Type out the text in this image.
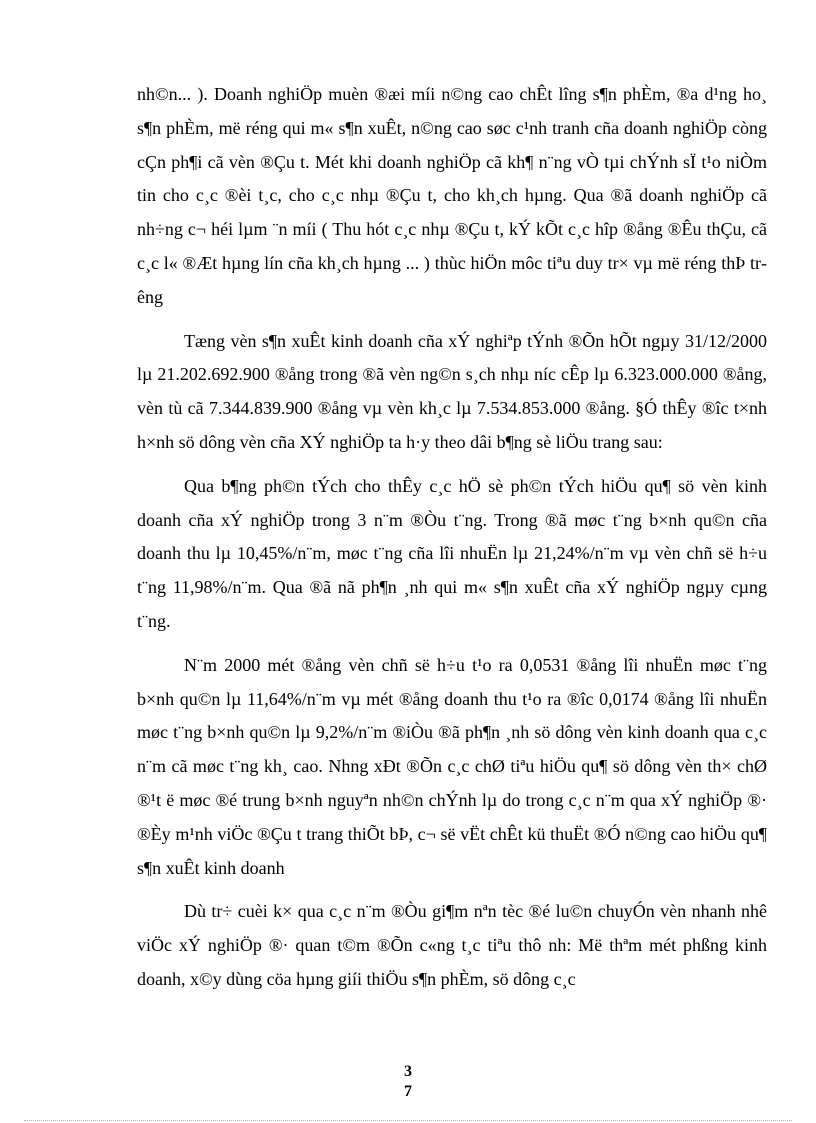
nh©n... ). Doanh nghiÖp muèn ®æi míi n©ng cao chÊt lîng s¶n phÈm, ®a d¹ng ho¸ s¶n phÈm, më réng qui m« s¶n xuÊt, n©ng cao søc c¹nh tranh cña doanh nghiÖp còng cÇn ph¶i cã vèn ®Çu t. Mét khi doanh nghiÖp cã kh¶ n¨ng vÒ tµi chÝnh sÏ t¹o niÒm tin cho c¸c ®èi t¸c, cho c¸c nhµ ®Çu t, cho kh¸ch hµng. Qua ®ã doanh nghiÖp cã nh÷ng c¬ héi lµm ¨n míi ( Thu hót c¸c nhµ ®Çu t, kÝ kÕt c¸c hîp ®ång ®Êu thÇu, cã c¸c l« ®Æt hµng lín cña kh¸ch hµng ... ) thùc hiÖn môc tiªu duy tr× vµ më réng thÞ trêng

Tæng vèn s¶n xuÊt kinh doanh cña xÝ nghiªp tÝnh ®Õn hÕt ngµy 31/12/2000 lµ 21.202.692.900 ®ång trong ®ã vèn ng©n s¸ch nhµ níc cÊp lµ 6.323.000.000 ®ång, vèn tù cã 7.344.839.900 ®ång vµ vèn kh¸c lµ 7.534.853.000 ®ång. §Ó thÊy ®îc t×nh h×nh sö dông vèn cña XÝ nghiÖp ta h·y theo dâi b¶ng sè liÖu trang sau:

Qua b¶ng ph©n tÝch cho thÊy c¸c hÖ sè ph©n tÝch hiÖu qu¶ sö vèn kinh doanh cña xÝ nghiÖp trong 3 n¨m ®Òu t¨ng. Trong ®ã møc t¨ng b×nh qu©n cña doanh thu lµ 10,45%/n¨m, møc t¨ng cña lîi nhuËn lµ 21,24%/n¨m vµ vèn chñ së h÷u t¨ng 11,98%/n¨m. Qua ®ã nã ph¶n ¸nh qui m« s¶n xuÊt cña xÝ nghiÖp ngµy cµng t¨ng.

N¨m 2000 mét ®ång vèn chñ së h÷u t¹o ra 0,0531 ®ång lîi nhuËn møc t¨ng b×nh qu©n lµ 11,64%/n¨m vµ mét ®ång doanh thu t¹o ra ®îc 0,0174 ®ång lîi nhuËn møc t¨ng b×nh qu©n lµ 9,2%/n¨m ®iÒu ®ã ph¶n ¸nh sö dông vèn kinh doanh qua c¸c n¨m cã møc t¨ng kh¸ cao. Nhng xÐt ®Õn c¸c chØ tiªu hiÖu qu¶ sö dông vèn th× chØ ®¹t ë møc ®é trung b×nh nguyªn nh©n chÝnh lµ do trong c¸c n¨m qua xÝ nghiÖp ®· ®Èy m¹nh viÖc ®Çu t trang thiÕt bÞ, c¬ së vËt chÊt kü thuËt ®Ó n©ng cao hiÖu qu¶ s¶n xuÊt kinh doanh

Dù tr÷ cuèi k× qua c¸c n¨m ®Òu gi¶m nªn tèc ®é lu©n chuyÓn vèn nhanh nhê viÖc xÝ nghiÖp ®· quan t©m ®Õn c«ng t¸c tiªu thô nh: Më thªm mét phßng kinh doanh, x©y dùng cöa hµng giíi thiÖu s¶n phÈm, sö dông c¸c

3
7
